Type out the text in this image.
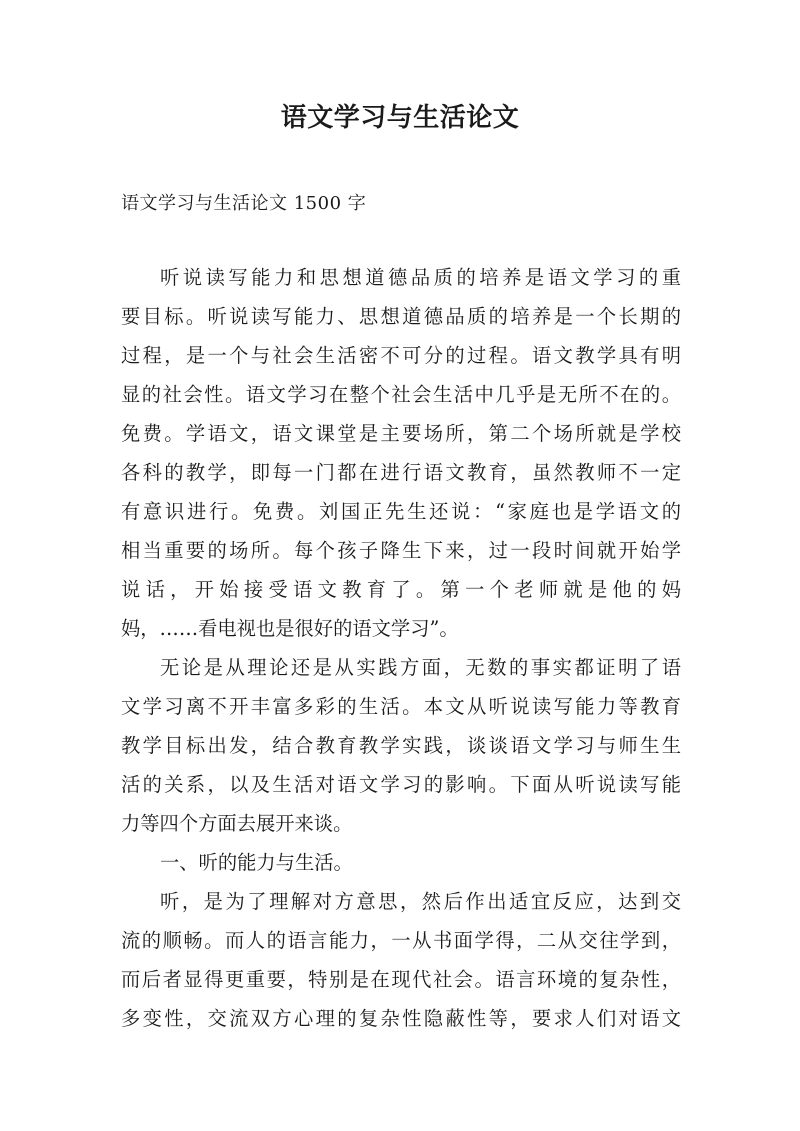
语文学习与生活论文
语文学习与生活论文 1500 字
听说读写能力和思想道德品质的培养是语文学习的重
要目标。听说读写能力、思想道德品质的培养是一个长期的
过程，是一个与社会生活密不可分的过程。语文教学具有明
显的社会性。语文学习在整个社会生活中几乎是无所不在的。
免费。学语文，语文课堂是主要场所，第二个场所就是学校
各科的教学，即每一门都在进行语文教育，虽然教师不一定
有意识进行。免费。刘国正先生还说：“家庭也是学语文的
相当重要的场所。每个孩子降生下来，过一段时间就开始学
说话，开始接受语文教育了。第一个老师就是他的妈
妈，……看电视也是很好的语文学习”。
无论是从理论还是从实践方面，无数的事实都证明了语
文学习离不开丰富多彩的生活。本文从听说读写能力等教育
教学目标出发，结合教育教学实践，谈谈语文学习与师生生
活的关系，以及生活对语文学习的影响。下面从听说读写能
力等四个方面去展开来谈。
一、听的能力与生活。
听，是为了理解对方意思，然后作出适宜反应，达到交
流的顺畅。而人的语言能力，一从书面学得，二从交往学到，
而后者显得更重要，特别是在现代社会。语言环境的复杂性，
多变性，交流双方心理的复杂性隐蔽性等，要求人们对语文
